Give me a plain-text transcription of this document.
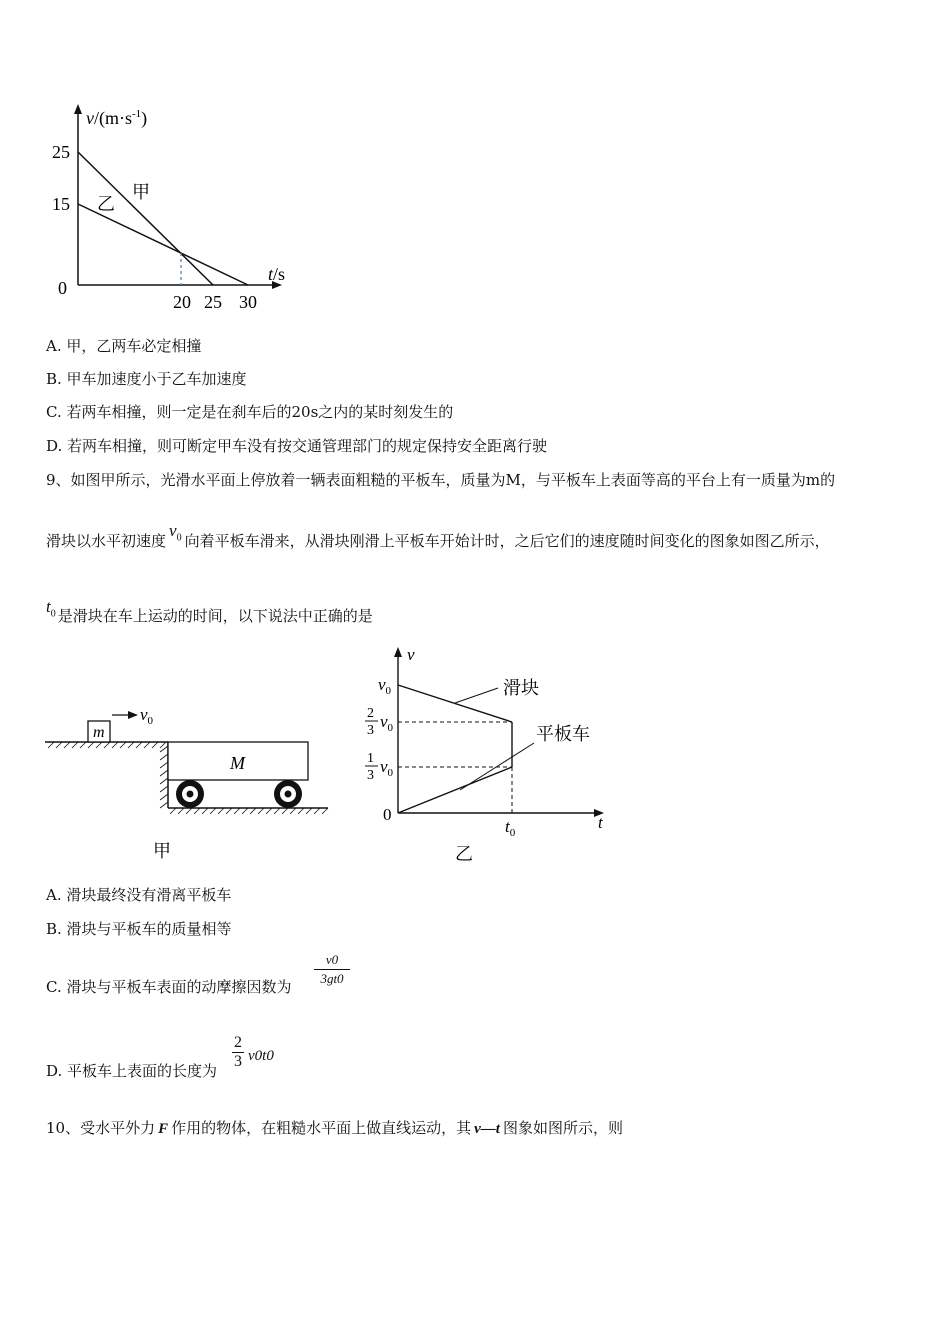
$v/(m\cdot s^{-1})$
25
15
0
20 25 30
t/s
甲
乙
A. 甲，乙两车必定相撞
B. 甲车加速度小于乙车加速度
C. 若两车相撞，则一定是在刹车后的20s之内的某时刻发生的
D. 若两车相撞，则可断定甲车没有按交通管理部门的规定保持安全距离行驶
9、如图甲所示，光滑水平面上停放着一辆表面粗糙的平板车，质量为M，与平板车上表面等高的平台上有一质量为m的
滑块以水平初速度$v_0$ 向着平板车滑来，从滑块刚滑上平板车开始计时，之后它们的速度随时间变化的图象如图乙所示，
$t_0$ 是滑块在车上运动的时间，以下说法中正确的是
m
$v_0$
M
甲
v
t
0
$v_0$
2
3 $v_0$
1
3 $v_0$
$t_0$
滑块
平板车
乙
A. 滑块最终没有滑离平板车
B. 滑块与平板车的质量相等
C. 滑块与平板车表面的动摩擦因数为 $\frac{v0}{3gt0}$
D. 平板车上表面的长度为 $\frac{2}{3} v0t0$
10、受水平外力 F 作用的物体，在粗糙水平面上做直线运动，其 v—t 图象如图所示，则
